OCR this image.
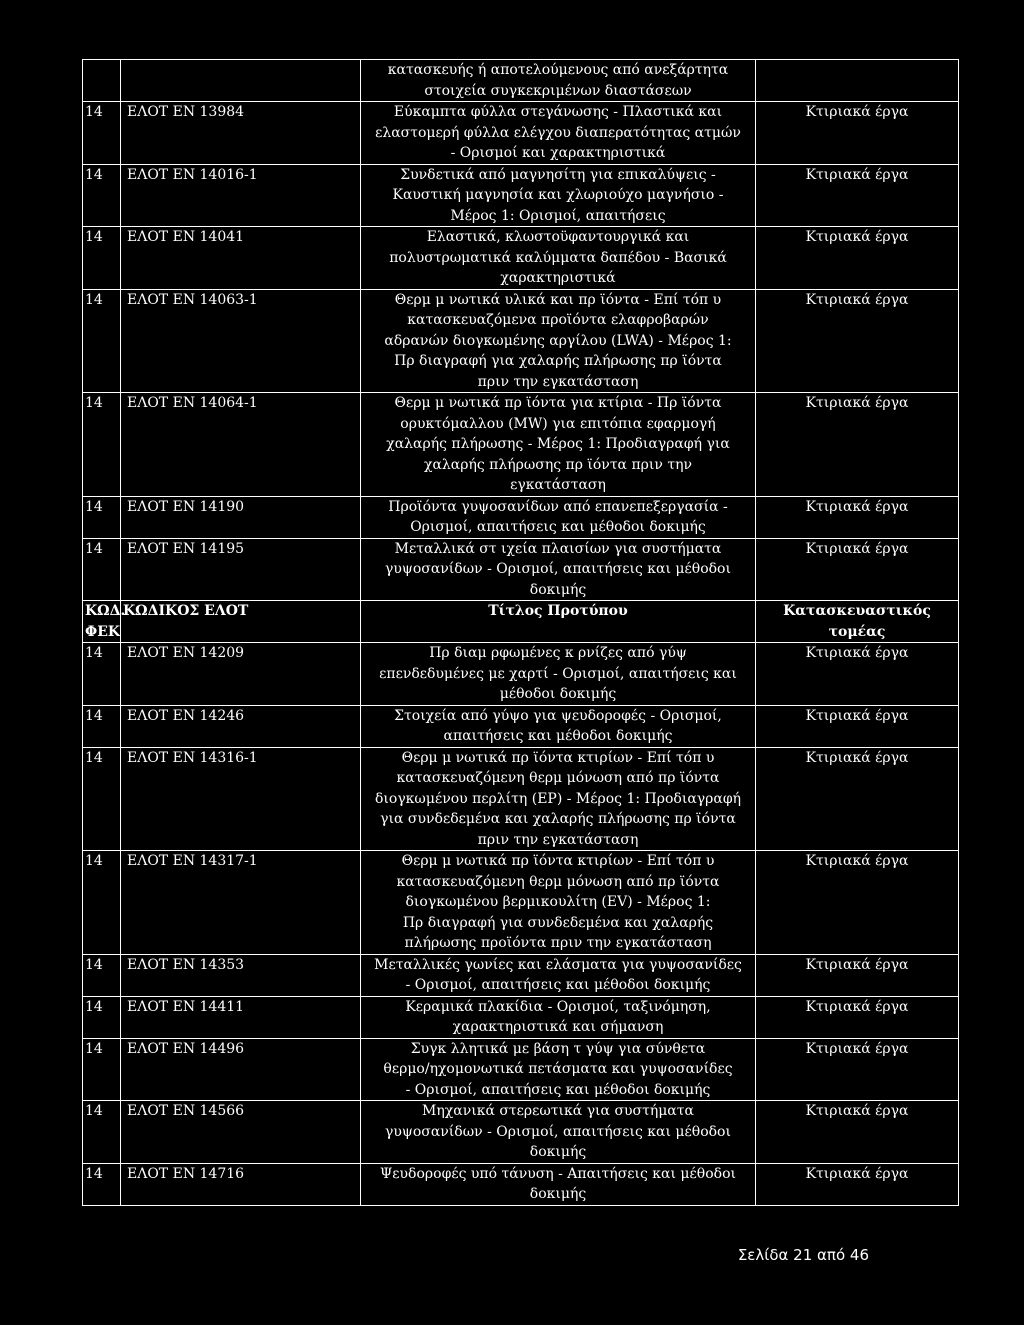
		κατασκευής ή αποτελούμενους από ανεξάρτητα
στοιχεία συγκεκριμένων διαστάσεων	
14	ΕΛΟΤ ΕΝ 13984	Εύκαμπτα φύλλα στεγάνωσης - Πλαστικά και
ελαστομερή φύλλα ελέγχου διαπερατότητας ατμών
- Ορισμοί και χαρακτηριστικά	Κτιριακά έργα
14	ΕΛΟΤ ΕΝ 14016-1	Συνδετικά από μαγνησίτη για επικαλύψεις -
Καυστική μαγνησία και χλωριούχο μαγνήσιο -
Μέρος 1: Ορισμοί, απαιτήσεις	Κτιριακά έργα
14	ΕΛΟΤ ΕΝ 14041	Ελαστικά, κλωστοϋφαντουργικά και
πολυστρωματικά καλύμματα δαπέδου - Βασικά
χαρακτηριστικά	Κτιριακά έργα
14	ΕΛΟΤ ΕΝ 14063-1	Θερμ μ νωτικά υλικά και πρ ϊόντα - Επί τόπ υ
κατασκευαζόμενα προϊόντα ελαφροβαρών
αδρανών διογκωμένης αργίλου (LWA) - Μέρος 1:
Πρ διαγραφή για χαλαρής πλήρωσης πρ ϊόντα
πριν την εγκατάσταση	Κτιριακά έργα
14	ΕΛΟΤ ΕΝ 14064-1	Θερμ μ νωτικά πρ ϊόντα για κτίρια - Πρ ϊόντα
ορυκτόμαλλου (MW) για επιτόπια εφαρμογή
χαλαρής πλήρωσης - Μέρος 1: Προδιαγραφή για
χαλαρής πλήρωσης πρ ϊόντα πριν την
εγκατάσταση	Κτιριακά έργα
14	ΕΛΟΤ ΕΝ 14190	Προϊόντα γυψοσανίδων από επανεπεξεργασία -
Ορισμοί, απαιτήσεις και μέθοδοι δοκιμής	Κτιριακά έργα
14	ΕΛΟΤ ΕΝ 14195	Μεταλλικά στ ιχεία πλαισίων για συστήματα
γυψοσανίδων - Ορισμοί, απαιτήσεις και μέθοδοι
δοκιμής	Κτιριακά έργα
ΚΩΔ.
ΦΕΚ	ΚΩΔΙΚΟΣ ΕΛΟΤ	Τίτλος Προτύπου	Κατασκευαστικός
τομέας
14	ΕΛΟΤ ΕΝ 14209	Πρ διαμ ρφωμένες κ ρνίζες από γύψ
επενδεδυμένες με χαρτί - Ορισμοί, απαιτήσεις και
μέθοδοι δοκιμής	Κτιριακά έργα
14	ΕΛΟΤ ΕΝ 14246	Στοιχεία από γύψο για ψευδοροφές - Ορισμοί,
απαιτήσεις και μέθοδοι δοκιμής	Κτιριακά έργα
14	ΕΛΟΤ ΕΝ 14316-1	Θερμ μ νωτικά πρ ϊόντα κτιρίων - Επί τόπ υ
κατασκευαζόμενη θερμ μόνωση από πρ ϊόντα
διογκωμένου περλίτη (EP) - Μέρος 1: Προδιαγραφή
για συνδεδεμένα και χαλαρής πλήρωσης πρ ϊόντα
πριν την εγκατάσταση	Κτιριακά έργα
14	ΕΛΟΤ ΕΝ 14317-1	Θερμ μ νωτικά πρ ϊόντα κτιρίων - Επί τόπ υ
κατασκευαζόμενη θερμ μόνωση από πρ ϊόντα
διογκωμένου βερμικουλίτη (EV) - Μέρος 1:
Πρ διαγραφή για συνδεδεμένα και χαλαρής
πλήρωσης προϊόντα πριν την εγκατάσταση	Κτιριακά έργα
14	ΕΛΟΤ ΕΝ 14353	Μεταλλικές γωνίες και ελάσματα για γυψοσανίδες
- Ορισμοί, απαιτήσεις και μέθοδοι δοκιμής	Κτιριακά έργα
14	ΕΛΟΤ ΕΝ 14411	Κεραμικά πλακίδια - Ορισμοί, ταξινόμηση,
χαρακτηριστικά και σήμανση	Κτιριακά έργα
14	ΕΛΟΤ ΕΝ 14496	Συγκ λλητικά με βάση τ γύψ για σύνθετα
θερμο/ηχομονωτικά πετάσματα και γυψοσανίδες
- Ορισμοί, απαιτήσεις και μέθοδοι δοκιμής	Κτιριακά έργα
14	ΕΛΟΤ ΕΝ 14566	Μηχανικά στερεωτικά για συστήματα
γυψοσανίδων - Ορισμοί, απαιτήσεις και μέθοδοι
δοκιμής	Κτιριακά έργα
14	ΕΛΟΤ ΕΝ 14716	Ψευδοροφές υπό τάνυση - Απαιτήσεις και μέθοδοι
δοκιμής	Κτιριακά έργα
Σελίδα 21 από 46
